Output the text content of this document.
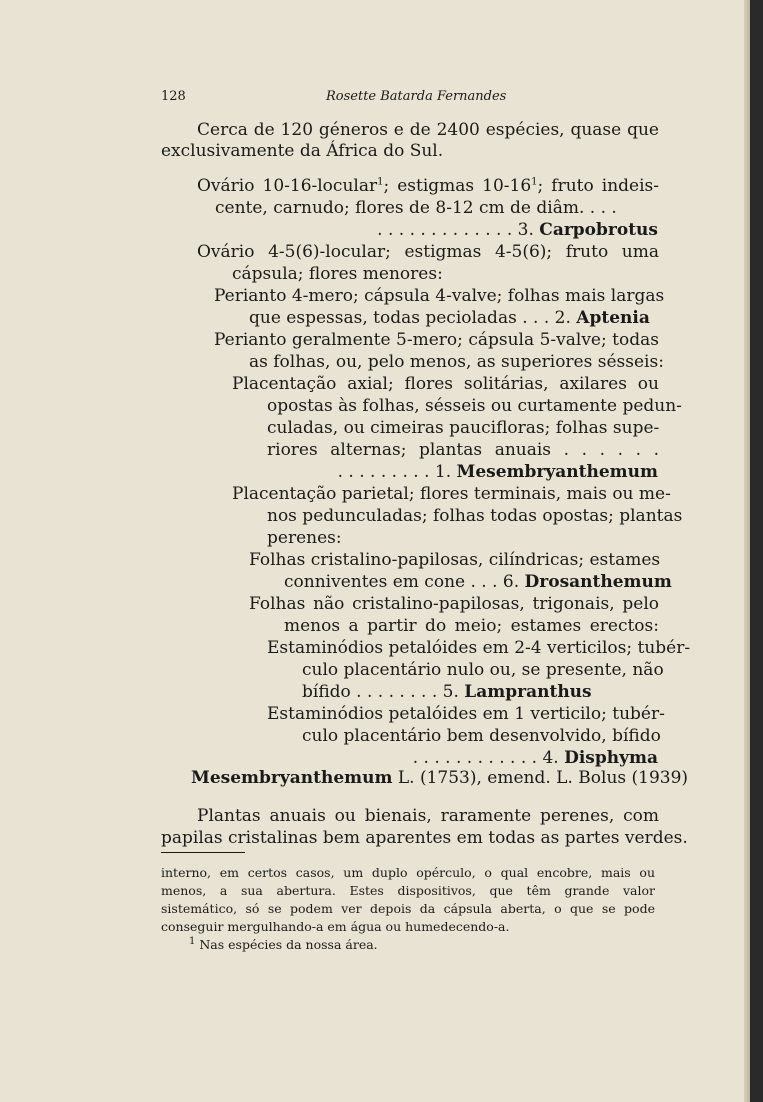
128	Rosette Batarda Fernandes
Cerca de 120 géneros e de 2400 espécies, quase que
exclusivamente da África do Sul.
Ovário 10-16-locular$^1$; estigmas $10-16^1$; fruto indeis-
cente, carnudo; flores de 8-12 cm de diâm. . . .
. . . . . . . . . . . . . 3. Carpobrotus
Ovário 4-5(6)-locular; estigmas 4-5(6); fruto uma
cápsula; flores menores:
Perianto 4-mero; cápsula 4-valve; folhas mais largas
que espessas, todas pecioladas . . . 2. Aptenia
Perianto geralmente 5-mero; cápsula 5-valve; todas
as folhas, ou, pelo menos, as superiores sésseis:
Placentação axial; flores solitárias, axilares ou
opostas às folhas, sésseis ou curtamente pedun-
culadas, ou cimeiras paucifloras; folhas supe-
riores alternas; plantas anuais . . . . . .
. . . . . . . . . 1. Mesembryanthemum
Placentação parietal; flores terminais, mais ou me-
nos pedunculadas; folhas todas opostas; plantas
perenes:
Folhas cristalino-papilosas, cilíndricas; estames
conniventes em cone . . . 6. Drosanthemum
Folhas não cristalino-papilosas, trigonais, pelo
menos a partir do meio; estames erectos:
Estaminódios petalóides em 2-4 verticilos; tubér-
culo placentário nulo ou, se presente, não
bífido . . . . . . . . 5. Lampranthus
Estaminódios petalóides em 1 verticilo; tubér-
culo placentário bem desenvolvido, bífido
. . . . . . . . . . . . 4. Disphyma
Mesembryanthemum L. (1753), emend. L. Bolus (1939)
Plantas anuais ou bienais, raramente perenes, com
papilas cristalinas bem aparentes em todas as partes verdes.
interno, em certos casos, um duplo opérculo, o qual encobre, mais ou
menos, a sua abertura. Estes dispositivos, que têm grande valor
sistemático, só se podem ver depois da cápsula aberta, o que se pode
conseguir mergulhando-a em água ou humedecendo-a.
$^1$ Nas espécies da nossa área.
